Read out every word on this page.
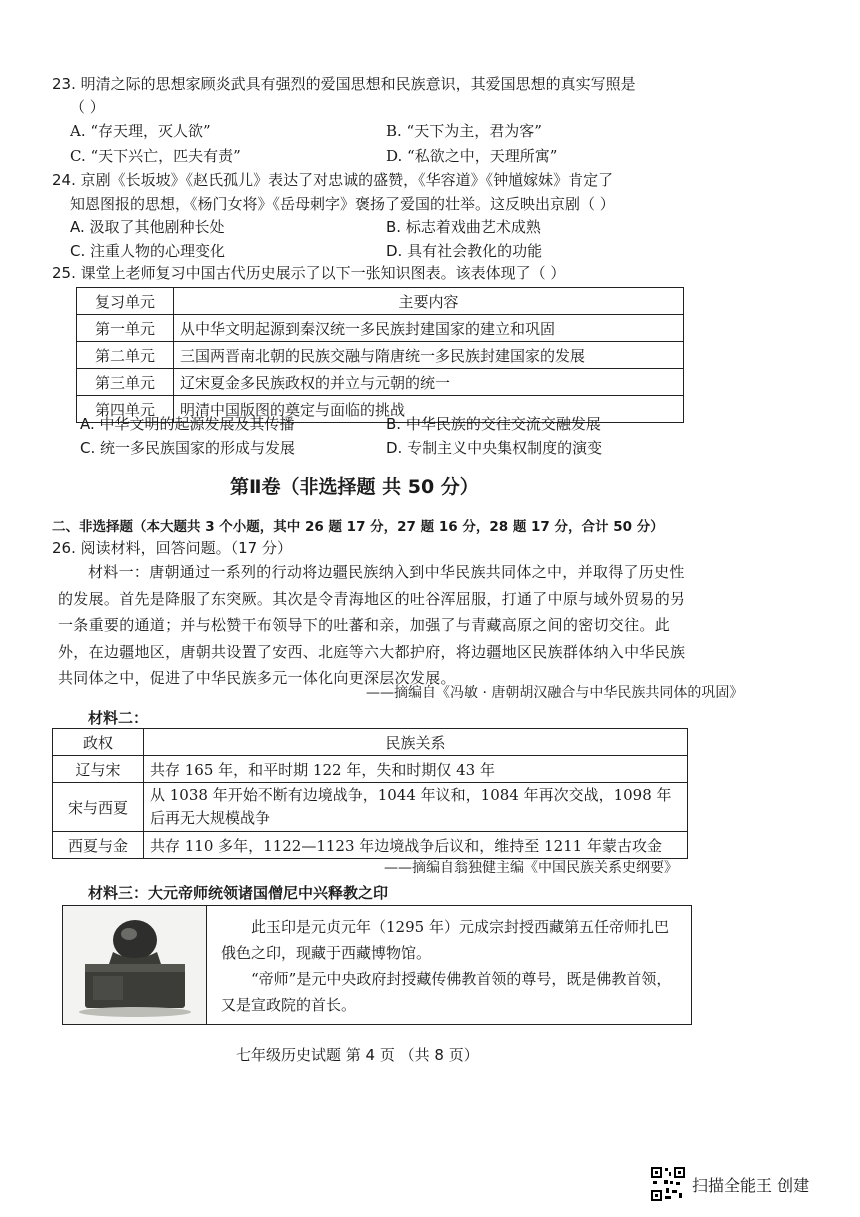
23. 明清之际的思想家顾炎武具有强烈的爱国思想和民族意识，其爱国思想的真实写照是
（ ）
A. “存天理，灭人欲”	B. “天下为主，君为客”
C. “天下兴亡，匹夫有责”	D. “私欲之中，天理所寓”
24. 京剧《长坂坡》《赵氏孤儿》表达了对忠诚的盛赞，《华容道》《钟馗嫁妹》肯定了
知恩图报的思想，《杨门女将》《岳母刺字》褒扬了爱国的壮举。这反映出京剧（ ）
A. 汲取了其他剧种长处	B. 标志着戏曲艺术成熟
C. 注重人物的心理变化	D. 具有社会教化的功能
25. 课堂上老师复习中国古代历史展示了以下一张知识图表。该表体现了（ ）
复习单元	主要内容
第一单元	从中华文明起源到秦汉统一多民族封建国家的建立和巩固
第二单元	三国两晋南北朝的民族交融与隋唐统一多民族封建国家的发展
第三单元	辽宋夏金多民族政权的并立与元朝的统一
第四单元	明清中国版图的奠定与面临的挑战
A. 中华文明的起源发展及其传播	B. 中华民族的交往交流交融发展
C. 统一多民族国家的形成与发展	D. 专制主义中央集权制度的演变
第Ⅱ卷（非选择题 共 50 分）
二、非选择题（本大题共 3 个小题，其中 26 题 17 分，27 题 16 分，28 题 17 分，合计 50 分）
26. 阅读材料，回答问题。（17 分）
材料一：唐朝通过一系列的行动将边疆民族纳入到中华民族共同体之中，并取得了历史性的发展。首先是降服了东突厥。其次是令青海地区的吐谷浑屈服，打通了中原与域外贸易的另一条重要的通道；并与松赞干布领导下的吐蕃和亲，加强了与青藏高原之间的密切交往。此外，在边疆地区，唐朝共设置了安西、北庭等六大都护府，将边疆地区民族群体纳入中华民族共同体之中，促进了中华民族多元一体化向更深层次发展。
——摘编自《冯敏 · 唐朝胡汉融合与中华民族共同体的巩固》
材料二：
政权	民族关系
辽与宋	共存 165 年，和平时期 122 年，失和时期仅 43 年
宋与西夏	从 1038 年开始不断有边境战争，1044 年议和，1084 年再次交战，1098 年后再无大规模战争
西夏与金	共存 110 多年，1122—1123 年边境战争后议和，维持至 1211 年蒙古攻金
——摘编自翁独健主编《中国民族关系史纲要》
材料三：大元帝师统领诸国僧尼中兴释教之印
此玉印是元贞元年（1295 年）元成宗封授西藏第五任帝师扎巴俄色之印，现藏于西藏博物馆。
“帝师”是元中央政府封授藏传佛教首领的尊号，既是佛教首领，又是宣政院的首长。
七年级历史试题 第 4 页 （共 8 页）
扫描全能王 创建
